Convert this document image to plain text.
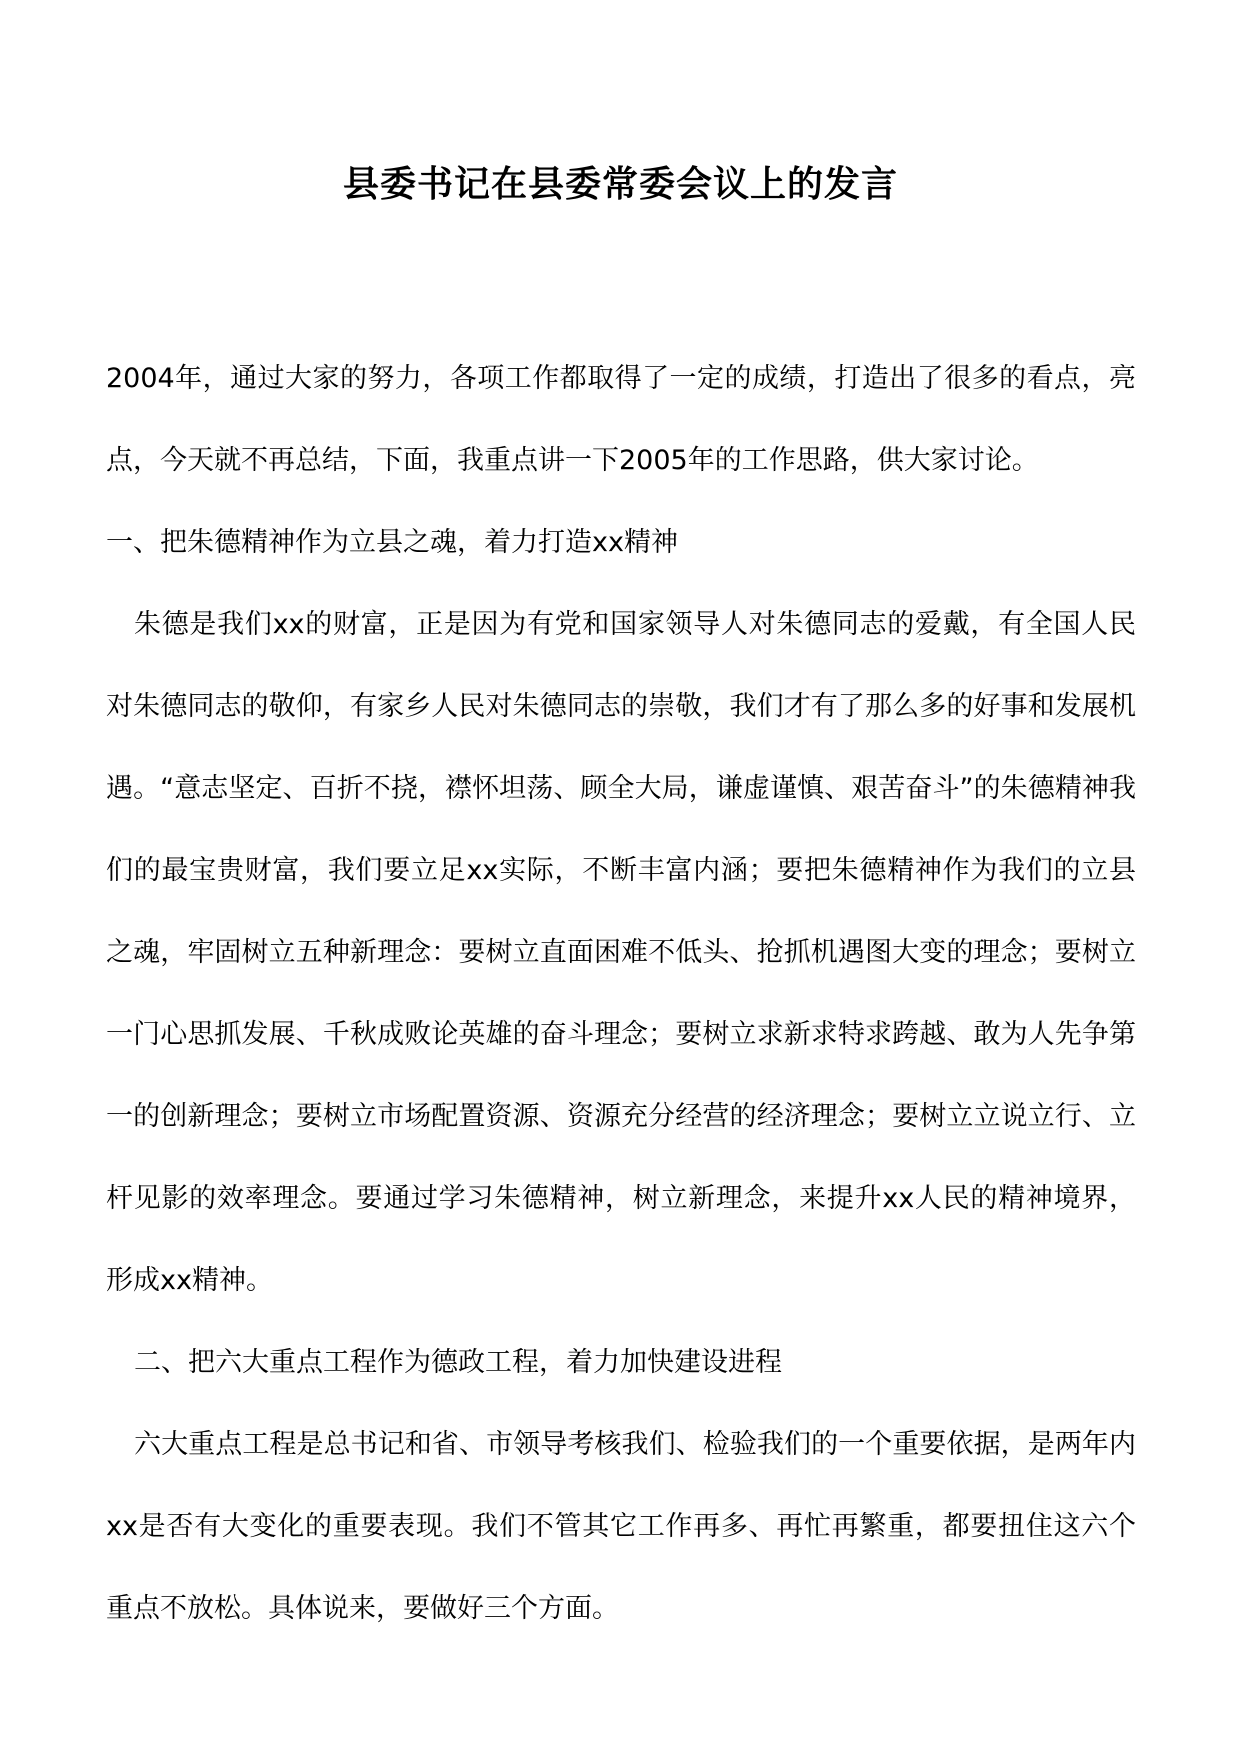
县委书记在县委常委会议上的发言

2004年，通过大家的努力，各项工作都取得了一定的成绩，打造出了很多的看点，亮点，今天就不再总结，下面，我重点讲一下2005年的工作思路，供大家讨论。

一、把朱德精神作为立县之魂，着力打造xx精神

朱德是我们xx的财富，正是因为有党和国家领导人对朱德同志的爱戴，有全国人民对朱德同志的敬仰，有家乡人民对朱德同志的崇敬，我们才有了那么多的好事和发展机遇。“意志坚定、百折不挠，襟怀坦荡、顾全大局，谦虚谨慎、艰苦奋斗”的朱德精神我们的最宝贵财富，我们要立足xx实际，不断丰富内涵；要把朱德精神作为我们的立县之魂，牢固树立五种新理念：要树立直面困难不低头、抢抓机遇图大变的理念；要树立一门心思抓发展、千秋成败论英雄的奋斗理念；要树立求新求特求跨越、敢为人先争第一的创新理念；要树立市场配置资源、资源充分经营的经济理念；要树立立说立行、立杆见影的效率理念。要通过学习朱德精神，树立新理念，来提升xx人民的精神境界，形成xx精神。

二、把六大重点工程作为德政工程，着力加快建设进程

六大重点工程是总书记和省、市领导考核我们、检验我们的一个重要依据，是两年内xx是否有大变化的重要表现。我们不管其它工作再多、再忙再繁重，都要扭住这六个重点不放松。具体说来，要做好三个方面。
